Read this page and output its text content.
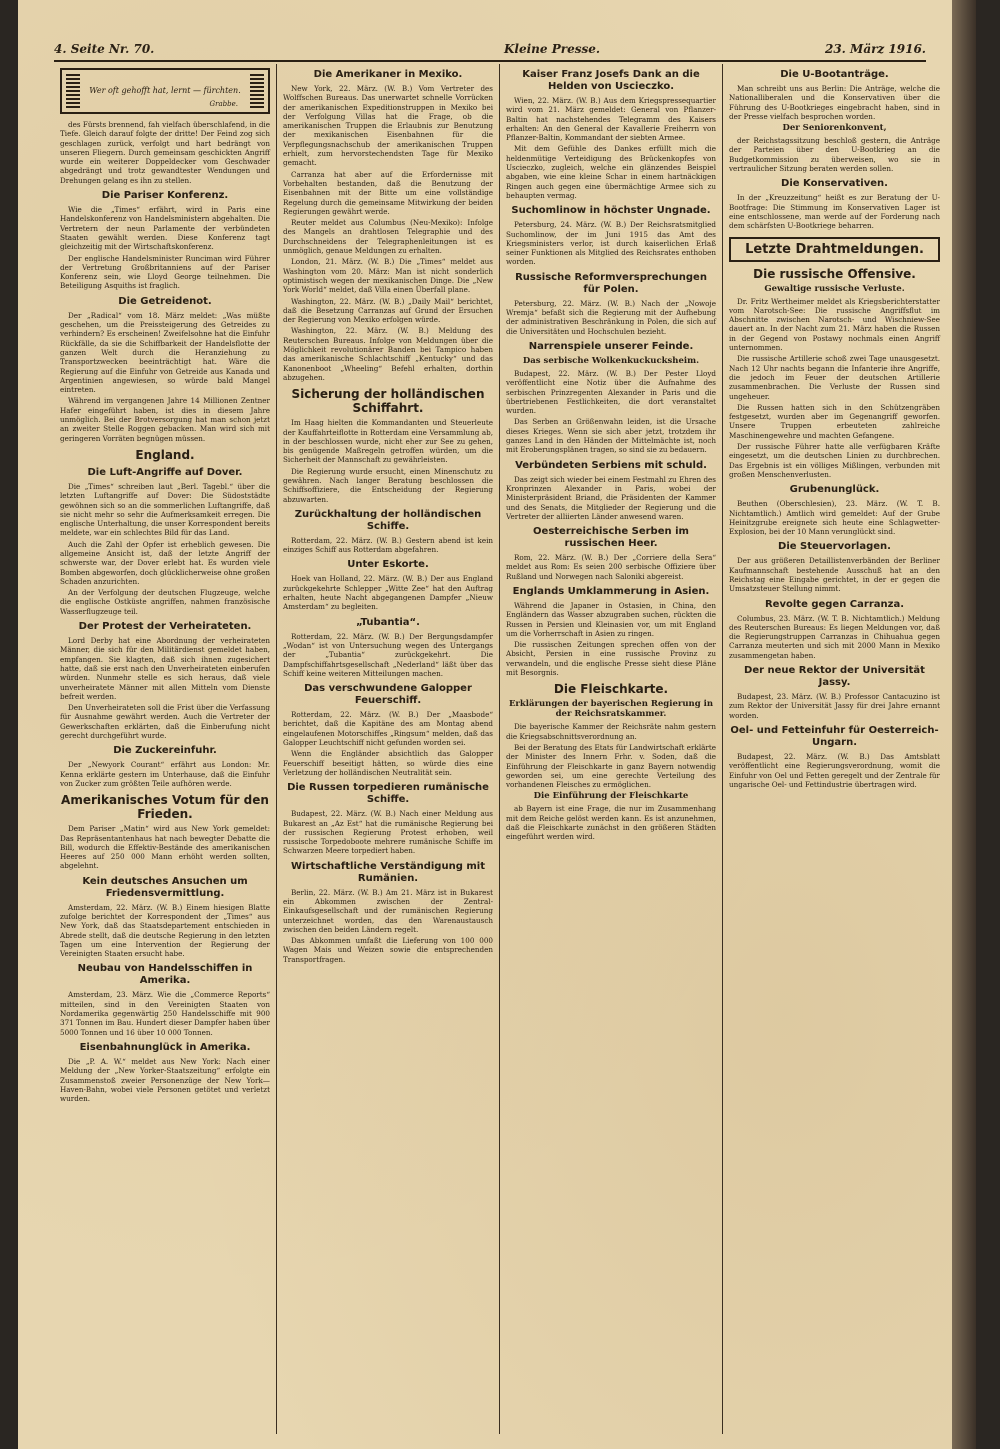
4. Seite Nr. 70.	Kleine Presse.	23. März 1916.
Wer oft gehofft hat, lernt — fürchten.
Grabbe.

des Fürsts brennend, fah vielfach überschlafend, in die Tiefe. Gleich darauf folgte der dritte! Der Feind zog sich geschlagen zurück, verfolgt und hart bedrängt von unseren Fliegern. Durch gemeinsam geschickten Angriff wurde ein weiterer Doppeldecker vom Geschwader abgedrängt und trotz gewandtester Wendungen und Drehungen gelang es ihn zu stellen.

Die Pariser Konferenz.

Wie die „Times“ erfährt, wird in Paris eine Handelskonferenz von Handelsministern abgehalten. Die Vertretern der neun Parlamente der verbündeten Staaten gewählt werden. Diese Konferenz tagt gleichzeitig mit der Wirtschaftskonferenz.

Der englische Handelsminister Runciman wird Führer der Vertretung Großbritanniens auf der Pariser Konferenz sein, wie Lloyd George teilnehmen. Die Beteiligung Asquiths ist fraglich.

Die Getreidenot.

Der „Radical“ vom 18. März meldet: „Was müßte geschehen, um die Preissteigerung des Getreides zu verhindern? Es erscheinen! Zweifelsohne hat die Einfuhr Rückfälle, da sie die Schiffbarkeit der Handelsflotte der ganzen Welt durch die Heranziehung zu Transportzwecken beeinträchtigt hat. Wäre die Regierung auf die Einfuhr von Getreide aus Kanada und Argentinien angewiesen, so würde bald Mangel eintreten.

Während im vergangenen Jahre 14 Millionen Zentner Hafer eingeführt haben, ist dies in diesem Jahre unmöglich. Bei der Brotversorgung hat man schon jetzt an zweiter Stelle Roggen gebacken. Man wird sich mit geringeren Vorräten begnügen müssen.

England.
Die Luft-Angriffe auf Dover.

Die „Times“ schreiben laut „Berl. Tagebl.“ über die letzten Luftangriffe auf Dover: Die Südoststädte gewöhnen sich so an die sommerlichen Luftangriffe, daß sie nicht mehr so sehr die Aufmerksamkeit erregen. Die englische Unterhaltung, die unser Korrespondent bereits meldete, war ein schlechtes Bild für das Land.

Auch die Zahl der Opfer ist erheblich gewesen. Die allgemeine Ansicht ist, daß der letzte Angriff der schwerste war, der Dover erlebt hat. Es wurden viele Bomben abgeworfen, doch glücklicherweise ohne großen Schaden anzurichten.

An der Verfolgung der deutschen Flugzeuge, welche die englische Ostküste angriffen, nahmen französische Wasserflugzeuge teil.

Der Protest der Verheirateten.

Lord Derby hat eine Abordnung der verheirateten Männer, die sich für den Militärdienst gemeldet haben, empfangen. Sie klagten, daß sich ihnen zugesichert hatte, daß sie erst nach den Unverheirateten einberufen würden. Nunmehr stelle es sich heraus, daß viele unverheiratete Männer mit allen Mitteln vom Dienste befreit werden.

Den Unverheirateten soll die Frist über die Verfassung für Ausnahme gewährt werden. Auch die Vertreter der Gewerkschaften erklärten, daß die Einberufung nicht gerecht durchgeführt wurde.

Die Zuckereinfuhr.

Der „Newyork Courant“ erfährt aus London: Mr. Kenna erklärte gestern im Unterhause, daß die Einfuhr von Zucker zum größten Teile aufhören werde.

Amerikanisches Votum für den Frieden.

Dem Pariser „Matin“ wird aus New York gemeldet: Das Repräsentantenhaus hat nach bewegter Debatte die Bill, wodurch die Effektiv-Bestände des amerikanischen Heeres auf 250 000 Mann erhöht werden sollten, abgelehnt.

Kein deutsches Ansuchen um Friedensvermittlung.

Amsterdam, 22. März. (W. B.) Einem hiesigen Blatte zufolge berichtet der Korrespondent der „Times“ aus New York, daß das Staatsdepartement entschieden in Abrede stellt, daß die deutsche Regierung in den letzten Tagen um eine Intervention der Regierung der Vereinigten Staaten ersucht habe.

Neubau von Handelsschiffen in Amerika.

Amsterdam, 23. März. Wie die „Commerce Reports“ mitteilen, sind in den Vereinigten Staaten von Nordamerika gegenwärtig 250 Handelsschiffe mit 900 371 Tonnen im Bau. Hundert dieser Dampfer haben über 5000 Tonnen und 16 über 10 000 Tonnen.

Eisenbahnunglück in Amerika.

Die „P. A. W.“ meldet aus New York: Nach einer Meldung der „New Yorker-Staatszeitung“ erfolgte ein Zusammenstoß zweier Personenzüge der New York—Haven-Bahn, wobei viele Personen getötet und verletzt wurden.

Die Amerikaner in Mexiko.

New York, 22. März. (W. B.) Vom Vertreter des Wolffschen Bureaus. Das unerwartet schnelle Vorrücken der amerikanischen Expeditionstruppen in Mexiko bei der Verfolgung Villas hat die Frage, ob die amerikanischen Truppen die Erlaubnis zur Benutzung der mexikanischen Eisenbahnen für die Verpflegungsnachschub der amerikanischen Truppen erhielt, zum hervorstechendsten Tage für Mexiko gemacht.

Carranza hat aber auf die Erfordernisse mit Vorbehalten bestanden, daß die Benutzung der Eisenbahnen mit der Bitte um eine vollständige Regelung durch die gemeinsame Mitwirkung der beiden Regierungen gewährt werde.

Reuter meldet aus Columbus (Neu-Mexiko): Infolge des Mangels an drahtlosen Telegraphie und des Durchschneidens der Telegraphenleitungen ist es unmöglich, genaue Meldungen zu erhalten.

London, 21. März. (W. B.) Die „Times“ meldet aus Washington vom 20. März: Man ist nicht sonderlich optimistisch wegen der mexikanischen Dinge. Die „New York World“ meldet, daß Villa einen Überfall plane.

Washington, 22. März. (W. B.) „Daily Mail“ berichtet, daß die Besetzung Carranzas auf Grund der Ersuchen der Regierung von Mexiko erfolgen würde.

Washington, 22. März. (W. B.) Meldung des Reuterschen Bureaus. Infolge von Meldungen über die Möglichkeit revolutionärer Banden bei Tampico haben das amerikanische Schlachtschiff „Kentucky“ und das Kanonenboot „Wheeling“ Befehl erhalten, dorthin abzugehen.

Sicherung der holländischen Schiffahrt.

Im Haag hielten die Kommandanten und Steuerleute der Kauffahrteiflotte in Rotterdam eine Versammlung ab, in der beschlossen wurde, nicht eher zur See zu gehen, bis genügende Maßregeln getroffen würden, um die Sicherheit der Mannschaft zu gewährleisten.

Die Regierung wurde ersucht, einen Minenschutz zu gewähren. Nach langer Beratung beschlossen die Schiffsoffiziere, die Entscheidung der Regierung abzuwarten.

Zurückhaltung der holländischen Schiffe.

Rotterdam, 22. März. (W. B.) Gestern abend ist kein einziges Schiff aus Rotterdam abgefahren.

Unter Eskorte.

Hoek van Holland, 22. März. (W. B.) Der aus England zurückgekehrte Schlepper „Witte Zee“ hat den Auftrag erhalten, heute Nacht abgegangenen Dampfer „Nieuw Amsterdam“ zu begleiten.

„Tubantia“.

Rotterdam, 22. März. (W. B.) Der Bergungsdampfer „Wodan“ ist von Untersuchung wegen des Untergangs der „Tubantia“ zurückgekehrt. Die Dampfschiffahrtsgesellschaft „Nederland“ läßt über das Schiff keine weiteren Mitteilungen machen.

Das verschwundene Galopper Feuerschiff.

Rotterdam, 22. März. (W. B.) Der „Maasbode“ berichtet, daß die Kapitäne des am Montag abend eingelaufenen Motorschiffes „Ringsum“ melden, daß das Galopper Leuchtschiff nicht gefunden worden sei.

Wenn die Engländer absichtlich das Galopper Feuerschiff beseitigt hätten, so würde dies eine Verletzung der holländischen Neutralität sein.

Die Russen torpedieren rumänische Schiffe.

Budapest, 22. März. (W. B.) Nach einer Meldung aus Bukarest an „Az Est“ hat die rumänische Regierung bei der russischen Regierung Protest erhoben, weil russische Torpedoboote mehrere rumänische Schiffe im Schwarzen Meere torpediert haben.

Wirtschaftliche Verständigung mit Rumänien.

Berlin, 22. März. (W. B.) Am 21. März ist in Bukarest ein Abkommen zwischen der Zentral-Einkaufsgesellschaft und der rumänischen Regierung unterzeichnet worden, das den Warenaustausch zwischen den beiden Ländern regelt.

Das Abkommen umfaßt die Lieferung von 100 000 Wagen Mais und Weizen sowie die entsprechenden Transportfragen.

Kaiser Franz Josefs Dank an die Helden von Uscieczko.

Wien, 22. März. (W. B.) Aus dem Kriegspressequartier wird vom 21. März gemeldet: General von Pflanzer-Baltin hat nachstehendes Telegramm des Kaisers erhalten: An den General der Kavallerie Freiherrn von Pflanzer-Baltin, Kommandant der siebten Armee.

Mit dem Gefühle des Dankes erfüllt mich die heldenmütige Verteidigung des Brückenkopfes von Uscieczko, zugleich, welche ein glänzendes Beispiel abgaben, wie eine kleine Schar in einem hartnäckigen Ringen auch gegen eine übermächtige Armee sich zu behaupten vermag.

Suchomlinow in höchster Ungnade.

Petersburg, 24. März. (W. B.) Der Reichsratsmitglied Suchomlinow, der im Juni 1915 das Amt des Kriegsministers verlor, ist durch kaiserlichen Erlaß seiner Funktionen als Mitglied des Reichsrates enthoben worden.

Russische Reformversprechungen für Polen.

Petersburg, 22. März. (W. B.) Nach der „Nowoje Wremja“ befaßt sich die Regierung mit der Aufhebung der administrativen Beschränkung in Polen, die sich auf die Universitäten und Hochschulen bezieht.

Narrenspiele unserer Feinde.
Das serbische Wolkenkuckucksheim.

Budapest, 22. März. (W. B.) Der Pester Lloyd veröffentlicht eine Notiz über die Aufnahme des serbischen Prinzregenten Alexander in Paris und die übertriebenen Festlichkeiten, die dort veranstaltet wurden.

Das Serben an Größenwahn leiden, ist die Ursache dieses Krieges. Wenn sie sich aber jetzt, trotzdem ihr ganzes Land in den Händen der Mittelmächte ist, noch mit Eroberungsplänen tragen, so sind sie zu bedauern.

Verbündeten Serbiens mit schuld.

Das zeigt sich wieder bei einem Festmahl zu Ehren des Kronprinzen Alexander in Paris, wobei der Ministerpräsident Briand, die Präsidenten der Kammer und des Senats, die Mitglieder der Regierung und die Vertreter der alliierten Länder anwesend waren.

Oesterreichische Serben im russischen Heer.

Rom, 22. März. (W. B.) Der „Corriere della Sera“ meldet aus Rom: Es seien 200 serbische Offiziere über Rußland und Norwegen nach Saloniki abgereist.

Englands Umklammerung in Asien.

Während die Japaner in Ostasien, in China, den Engländern das Wasser abzugraben suchen, rückten die Russen in Persien und Kleinasien vor, um mit England um die Vorherrschaft in Asien zu ringen.

Die russischen Zeitungen sprechen offen von der Absicht, Persien in eine russische Provinz zu verwandeln, und die englische Presse sieht diese Pläne mit Besorgnis.

Die Fleischkarte.
Erklärungen der bayerischen Regierung in der Reichsratskammer.

Die bayerische Kammer der Reichsräte nahm gestern die Kriegsabschnittsverordnung an.

Bei der Beratung des Etats für Landwirtschaft erklärte der Minister des Innern Frhr. v. Soden, daß die Einführung der Fleischkarte in ganz Bayern notwendig geworden sei, um eine gerechte Verteilung des vorhandenen Fleisches zu ermöglichen.

Die Einführung der Fleischkarte

ab Bayern ist eine Frage, die nur im Zusammenhang mit dem Reiche gelöst werden kann. Es ist anzunehmen, daß die Fleischkarte zunächst in den größeren Städten eingeführt werden wird.

Die U-Bootanträge.

Man schreibt uns aus Berlin: Die Anträge, welche die Nationalliberalen und die Konservativen über die Führung des U-Bootkrieges eingebracht haben, sind in der Presse vielfach besprochen worden.

Der Seniorenkonvent,

der Reichstagssitzung beschloß gestern, die Anträge der Parteien über den U-Bootkrieg an die Budgetkommission zu überweisen, wo sie in vertraulicher Sitzung beraten werden sollen.

Die Konservativen.

In der „Kreuzzeitung“ heißt es zur Beratung der U-Bootfrage: Die Stimmung im Konservativen Lager ist eine entschlossene, man werde auf der Forderung nach dem schärfsten U-Bootkriege beharren.

Letzte Drahtmeldungen.
Die russische Offensive.
Gewaltige russische Verluste.

Dr. Fritz Wertheimer meldet als Kriegsberichterstatter vom Narotsch-See: Die russische Angriffsflut im Abschnitte zwischen Narotsch- und Wischniew-See dauert an. In der Nacht zum 21. März haben die Russen in der Gegend von Postawy nochmals einen Angriff unternommen.

Die russische Artillerie schoß zwei Tage unausgesetzt. Nach 12 Uhr nachts begann die Infanterie ihre Angriffe, die jedoch im Feuer der deutschen Artillerie zusammenbrachen. Die Verluste der Russen sind ungeheuer.

Die Russen hatten sich in den Schützengräben festgesetzt, wurden aber im Gegenangriff geworfen. Unsere Truppen erbeuteten zahlreiche Maschinengewehre und machten Gefangene.

Der russische Führer hatte alle verfügbaren Kräfte eingesetzt, um die deutschen Linien zu durchbrechen. Das Ergebnis ist ein völliges Mißlingen, verbunden mit großen Menschenverlusten.

Grubenunglück.

Beuthen (Oberschlesien), 23. März. (W. T. B. Nichtamtlich.) Amtlich wird gemeldet: Auf der Grube Heinitzgrube ereignete sich heute eine Schlagwetter-Explosion, bei der 10 Mann verunglückt sind.

Die Steuervorlagen.

Der aus größeren Detaillistenverbänden der Berliner Kaufmannschaft bestehende Ausschuß hat an den Reichstag eine Eingabe gerichtet, in der er gegen die Umsatzsteuer Stellung nimmt.

Revolte gegen Carranza.

Columbus, 23. März. (W. T. B. Nichtamtlich.) Meldung des Reuterschen Bureaus: Es liegen Meldungen vor, daß die Regierungstruppen Carranzas in Chihuahua gegen Carranza meuterten und sich mit 2000 Mann in Mexiko zusammengetan haben.

Der neue Rektor der Universität Jassy.

Budapest, 23. März. (W. B.) Professor Cantacuzino ist zum Rektor der Universität Jassy für drei Jahre ernannt worden.

Oel- und Fetteinfuhr für Oesterreich-Ungarn.

Budapest, 22. März. (W. B.) Das Amtsblatt veröffentlicht eine Regierungsverordnung, womit die Einfuhr von Oel und Fetten geregelt und der Zentrale für ungarische Oel- und Fettindustrie übertragen wird.
